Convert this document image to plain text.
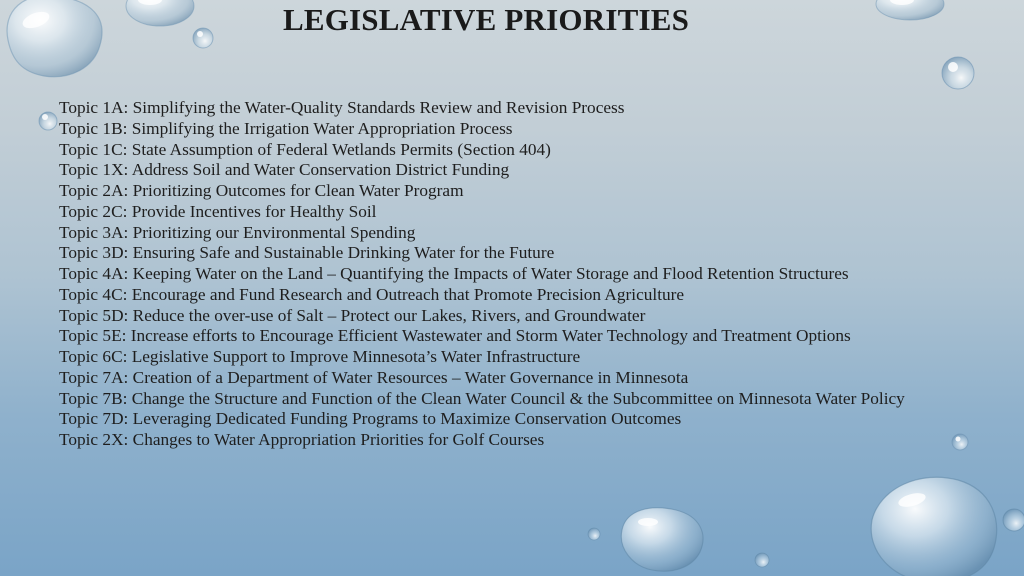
LEGISLATIVE PRIORITIES
Topic 1A: Simplifying the Water-Quality Standards Review and Revision Process
Topic 1B: Simplifying the Irrigation Water Appropriation Process
Topic 1C: State Assumption of Federal Wetlands Permits (Section 404)
Topic 1X: Address Soil and Water Conservation District Funding
Topic 2A: Prioritizing Outcomes for Clean Water Program
Topic 2C: Provide Incentives for Healthy Soil
Topic 3A: Prioritizing our Environmental Spending
Topic 3D: Ensuring Safe and Sustainable Drinking Water for the Future
Topic 4A: Keeping Water on the Land – Quantifying the Impacts of Water Storage and Flood Retention Structures
Topic 4C: Encourage and Fund Research and Outreach that Promote Precision Agriculture
Topic 5D: Reduce the over-use of Salt – Protect our Lakes, Rivers, and Groundwater
Topic 5E: Increase efforts to Encourage Efficient Wastewater and Storm Water Technology and Treatment Options
Topic 6C: Legislative Support to Improve Minnesota’s Water Infrastructure
Topic 7A: Creation of a Department of Water Resources – Water Governance in Minnesota
Topic 7B: Change the Structure and Function of the Clean Water Council & the Subcommittee on Minnesota Water Policy
Topic 7D: Leveraging Dedicated Funding Programs to Maximize Conservation Outcomes
Topic 2X: Changes to Water Appropriation Priorities for Golf Courses
